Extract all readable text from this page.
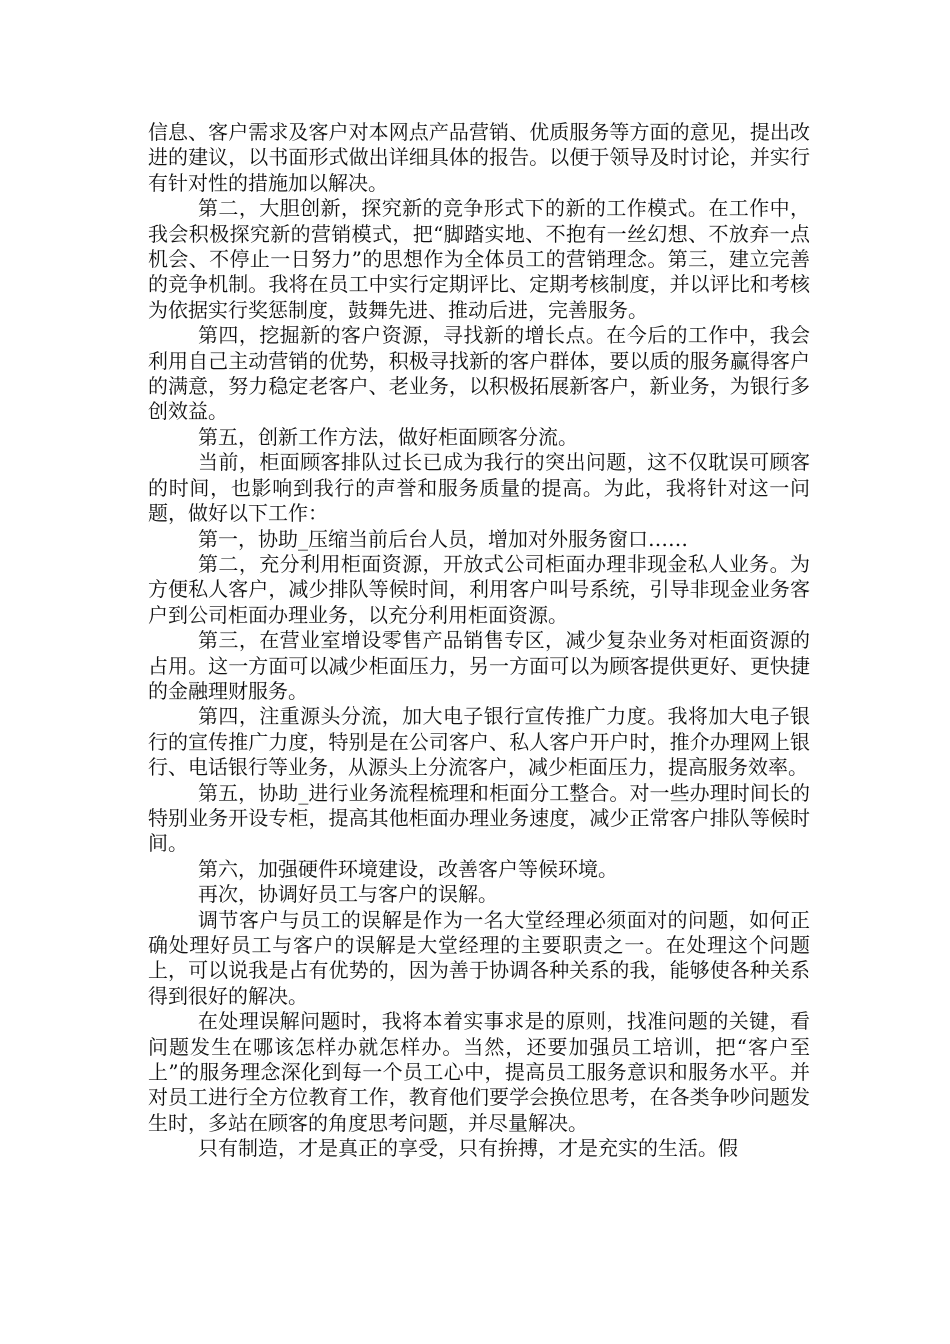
信息、客户需求及客户对本网点产品营销、优质服务等方面的意见，提出改进的建议，以书面形式做出详细具体的报告。以便于领导及时讨论，并实行有针对性的措施加以解决。

第二，大胆创新，探究新的竞争形式下的新的工作模式。在工作中，我会积极探究新的营销模式，把“脚踏实地、不抱有一丝幻想、不放弃一点机会、不停止一日努力”的思想作为全体员工的营销理念。第三，建立完善的竞争机制。我将在员工中实行定期评比、定期考核制度，并以评比和考核为依据实行奖惩制度，鼓舞先进、推动后进，完善服务。

第四，挖掘新的客户资源，寻找新的增长点。在今后的工作中，我会利用自己主动营销的优势，积极寻找新的客户群体，要以质的服务赢得客户的满意，努力稳定老客户、老业务，以积极拓展新客户，新业务，为银行多创效益。

第五，创新工作方法，做好柜面顾客分流。

当前，柜面顾客排队过长已成为我行的突出问题，这不仅耽误可顾客的时间，也影响到我行的声誉和服务质量的提高。为此，我将针对这一问题，做好以下工作：

第一，协助_压缩当前后台人员，增加对外服务窗口……

第二，充分利用柜面资源，开放式公司柜面办理非现金私人业务。为方便私人客户，减少排队等候时间，利用客户叫号系统，引导非现金业务客户到公司柜面办理业务，以充分利用柜面资源。

第三，在营业室增设零售产品销售专区，减少复杂业务对柜面资源的占用。这一方面可以减少柜面压力，另一方面可以为顾客提供更好、更快捷的金融理财服务。

第四，注重源头分流，加大电子银行宣传推广力度。我将加大电子银行的宣传推广力度，特别是在公司客户、私人客户开户时，推介办理网上银行、电话银行等业务，从源头上分流客户，减少柜面压力，提高服务效率。

第五，协助_进行业务流程梳理和柜面分工整合。对一些办理时间长的特别业务开设专柜，提高其他柜面办理业务速度，减少正常客户排队等候时间。

第六，加强硬件环境建设，改善客户等候环境。

再次，协调好员工与客户的误解。

调节客户与员工的误解是作为一名大堂经理必须面对的问题，如何正确处理好员工与客户的误解是大堂经理的主要职责之一。在处理这个问题上，可以说我是占有优势的，因为善于协调各种关系的我，能够使各种关系得到很好的解决。

在处理误解问题时，我将本着实事求是的原则，找准问题的关键，看问题发生在哪该怎样办就怎样办。当然，还要加强员工培训，把“客户至上”的服务理念深化到每一个员工心中，提高员工服务意识和服务水平。并对员工进行全方位教育工作，教育他们要学会换位思考，在各类争吵问题发生时，多站在顾客的角度思考问题，并尽量解决。

只有制造，才是真正的享受，只有拚搏，才是充实的生活。假
